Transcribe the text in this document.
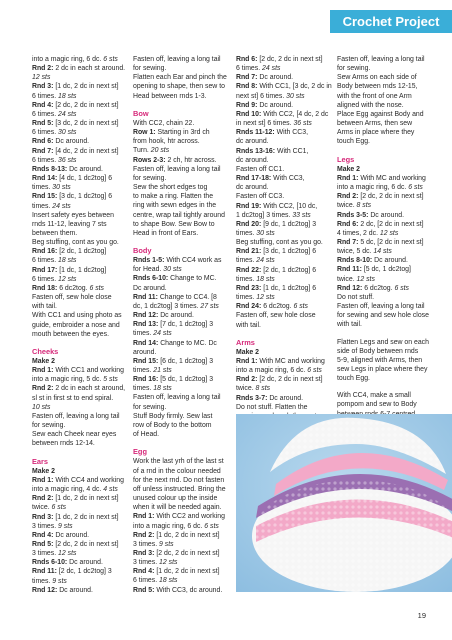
Crochet Project
into a magic ring, 6 dc. 6 sts
Rnd 2: 2 dc in each st around.
12 sts
Rnd 3: [1 dc, 2 dc in next st]
6 times. 18 sts
Rnd 4: [2 dc, 2 dc in next st]
6 times. 24 sts
Rnd 5: [3 dc, 2 dc in next st]
6 times. 30 sts
Rnd 6: Dc around.
Rnd 7: [4 dc, 2 dc in next st]
6 times. 36 sts
Rnds 8-13: Dc around.
Rnd 14: [4 dc, 1 dc2tog] 6
times. 30 sts
Rnd 15: [3 dc, 1 dc2tog] 6
times. 24 sts
Insert safety eyes between
rnds 11-12, leaving 7 sts
between them.
Beg stuffing, cont as you go.
Rnd 16: [2 dc, 1 dc2tog]
6 times. 18 sts
Rnd 17: [1 dc, 1 dc2tog]
6 times. 12 sts
Rnd 18: 6 dc2tog. 6 sts
Fasten off, sew hole close
with tail.
With CC1 and using photo as
guide, embroider a nose and
mouth between the eyes.
Cheeks
Make 2
Rnd 1: With CC1 and working
into a magic ring, 5 dc. 5 sts
Rnd 2: 2 dc in each st around,
sl st in first st to end spiral.
10 sts
Fasten off, leaving a long tail
for sewing.
Sew each Cheek near eyes
between rnds 12-14.
Ears
Make 2
Rnd 1: With CC4 and working
into a magic ring, 4 dc. 4 sts
Rnd 2: [1 dc, 2 dc in next st]
twice. 6 sts
Rnd 3: [1 dc, 2 dc in next st]
3 times. 9 sts
Rnd 4: Dc around.
Rnd 5: [2 dc, 2 dc in next st]
3 times. 12 sts
Rnds 6-10: Dc around.
Rnd 11: [2 dc, 1 dc2tog] 3
times. 9 sts
Rnd 12: Dc around.
Fasten off, leaving a long tail
for sewing.
Flatten each Ear and pinch the
opening to shape, then sew to
Head between rnds 1-3.
Bow
With CC2, chain 22.
Row 1: Starting in 3rd ch
from hook, htr across.
Turn. 20 sts
Rows 2-3: 2 ch, htr across.
Fasten off, leaving a long tail
for sewing.
Sew the short edges tog
to make a ring. Flatten the
ring with sewn edges in the
centre, wrap tail tightly around
to shape Bow. Sew Bow to
Head in front of Ears.
Body
Rnds 1-5: With CC4 work as
for Head. 30 sts
Rnds 6-10: Change to MC.
Dc around.
Rnd 11: Change to CC4. [8
dc, 1 dc2tog] 3 times. 27 sts
Rnd 12: Dc around.
Rnd 13: [7 dc, 1 dc2tog] 3
times. 24 sts
Rnd 14: Change to MC. Dc
around.
Rnd 15: [6 dc, 1 dc2tog] 3
times. 21 sts
Rnd 16: [5 dc, 1 dc2tog] 3
times. 18 sts
Fasten off, leaving a long tail
for sewing.
Stuff Body firmly. Sew last
row of Body to the bottom
of Head.
Egg
Work the last yrh of the last st
of a rnd in the colour needed
for the next rnd. Do not fasten
off unless instructed. Bring the
unused colour up the inside
when it will be needed again.
Rnd 1: With CC2 and working
into a magic ring, 6 dc. 6 sts
Rnd 2: [1 dc, 2 dc in next st]
3 times. 9 sts
Rnd 3: [2 dc, 2 dc in next st]
3 times. 12 sts
Rnd 4: [1 dc, 2 dc in next st]
6 times. 18 sts
Rnd 5: With CC3, dc around.
Rnd 6: [2 dc, 2 dc in next st]
6 times. 24 sts
Rnd 7: Dc around.
Rnd 8: With CC1, [3 dc, 2 dc in
next st] 6 times. 30 sts
Rnd 9: Dc around.
Rnd 10: With CC2, [4 dc, 2 dc
in next st] 6 times. 36 sts
Rnds 11-12: With CC3,
dc around.
Rnds 13-16: With CC1,
dc around.
Fasten off CC1.
Rnd 17-18: With CC3,
dc around.
Fasten off CC3.
Rnd 19: With CC2, [10 dc,
1 dc2tog] 3 times. 33 sts
Rnd 20: [9 dc, 1 dc2tog] 3
times. 30 sts
Beg stuffing, cont as you go.
Rnd 21: [3 dc, 1 dc2tog] 6
times. 24 sts
Rnd 22: [2 dc, 1 dc2tog] 6
times. 18 sts
Rnd 23: [1 dc, 1 dc2tog] 6
times. 12 sts
Rnd 24: 6 dc2tog. 6 sts
Fasten off, sew hole close
with tail.
Arms
Make 2
Rnd 1: With MC and working
into a magic ring, 6 dc. 6 sts
Rnd 2: [2 dc, 2 dc in next st]
twice. 8 sts
Rnds 3-7: Dc around.
Do not stuff. Flatten the
Fasten off, leaving a long tail
for sewing.
Sew Arms on each side of
Body between rnds 12-15,
with the front of one Arm
aligned with the nose.
Place Egg against Body and
between Arms, then sew
Arms in place where they
touch Egg.
Legs
Make 2
Rnd 1: With MC and working
into a magic ring, 6 dc. 6 sts
Rnd 2: [2 dc, 2 dc in next st]
twice. 8 sts
Rnds 3-5: Dc around.
Rnd 6: 2 dc, [2 dc in next st]
4 times, 2 dc. 12 sts
Rnd 7: 5 dc, [2 dc in next st]
twice, 5 dc. 14 sts
Rnds 8-10: Dc around.
Rnd 11: [5 dc, 1 dc2tog]
twice. 12 sts
Rnd 12: 6 dc2tog. 6 sts
Do not stuff.
Fasten off, leaving a long tail
for sewing and sew hole close
with tail.
Flatten Legs and sew on each
side of Body between rnds
5-9, aligned with Arms, then
sew Legs in place where they
touch Egg.
With CC4, make a small
pompom and sew to Body
19
